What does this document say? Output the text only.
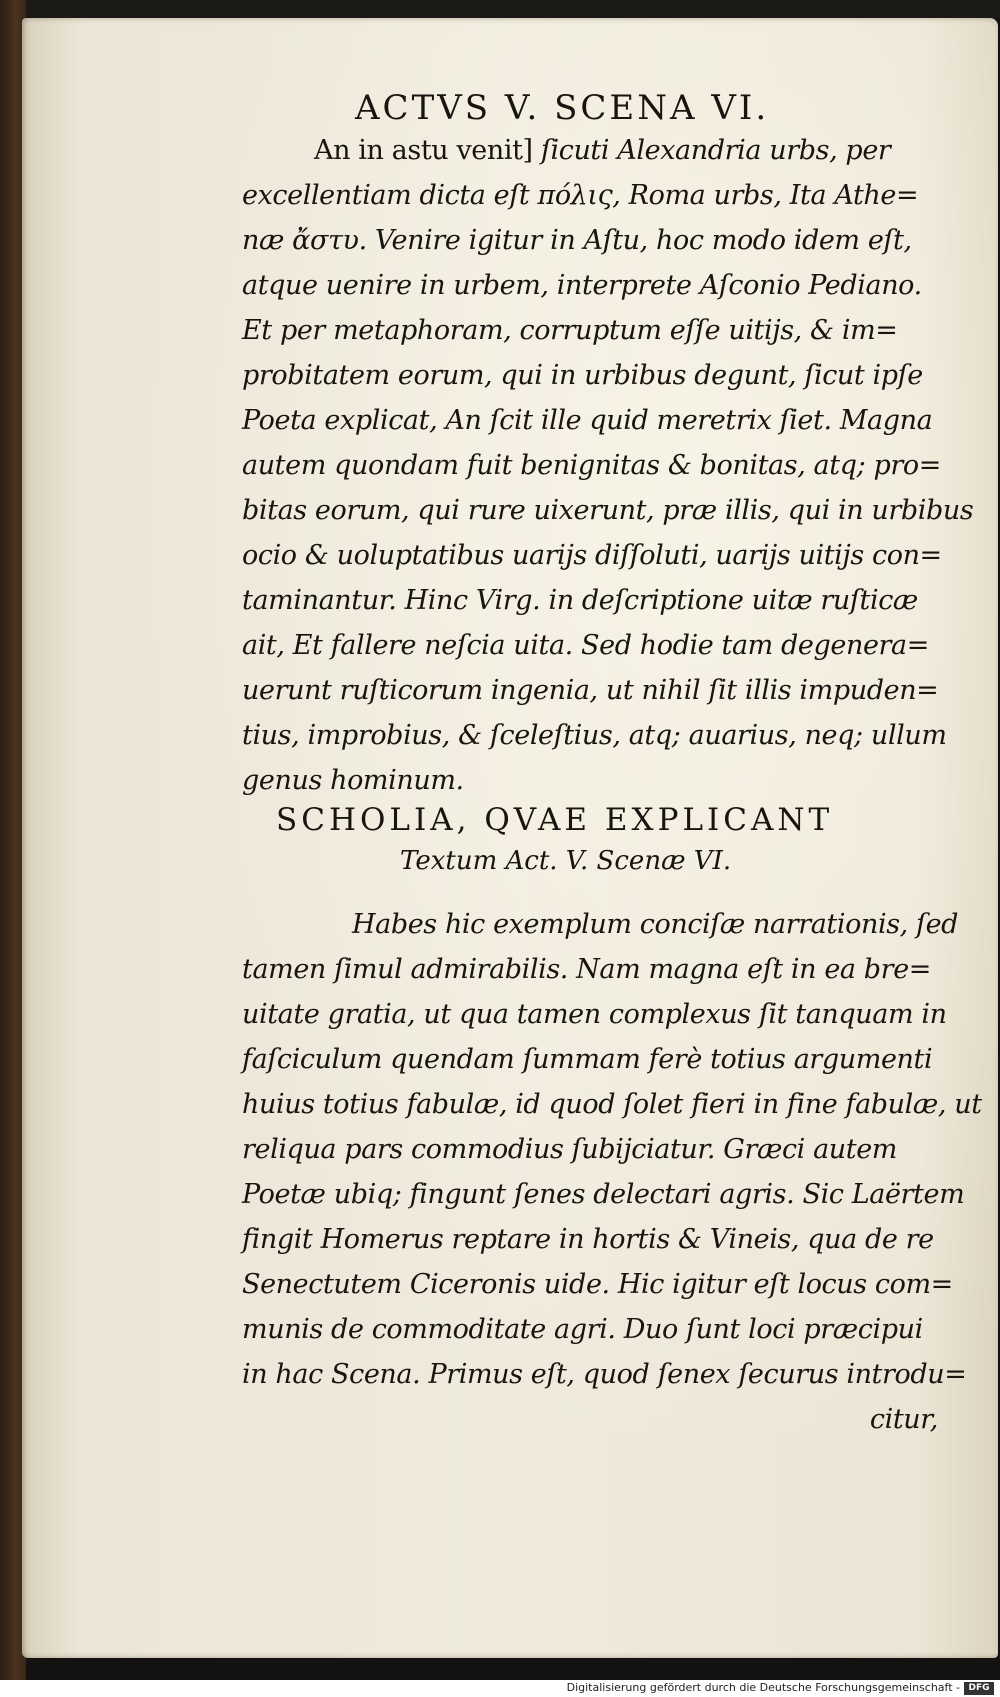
ACTVS V. SCENA VI.
An in astu venit] ſicuti Alexandria urbs, per
excellentiam dicta eſt πόλις, Roma urbs, Ita Athe=
næ ἄστυ. Venire igitur in Aſtu, hoc modo idem eſt,
atque uenire in urbem, interprete Aſconio Pediano.
Et per metaphoram, corruptum eſſe uitijs, & im=
probitatem eorum, qui in urbibus degunt, ſicut ipſe
Poeta explicat, An ſcit ille quid meretrix ſiet. Magna
autem quondam fuit benignitas & bonitas, atq; pro=
bitas eorum, qui rure uixerunt, præ illis, qui in urbibus
ocio & uoluptatibus uarijs diſſoluti, uarijs uitijs con=
taminantur. Hinc Virg. in deſcriptione uitæ ruſticæ
ait, Et fallere neſcia uita. Sed hodie tam degenera=
uerunt ruſticorum ingenia, ut nihil ſit illis impuden=
tius, improbius, & ſceleſtius, atq; auarius, neq; ullum
genus hominum.
SCHOLIA, QVAE EXPLICANT
Textum Act. V. Scenæ VI.
Habes hic exemplum conciſæ narrationis, ſed
tamen ſimul admirabilis. Nam magna eſt in ea bre=
uitate gratia, ut qua tamen complexus ſit tanquam in
faſciculum quendam ſummam ferè totius argumenti
huius totius fabulæ, id quod ſolet fieri in fine fabulæ, ut
reliqua pars commodius ſubijciatur. Græci autem
Poetæ ubiq; fingunt ſenes delectari agris. Sic Laërtem
fingit Homerus reptare in hortis & Vineis, qua de re
Senectutem Ciceronis uide. Hic igitur eſt locus com=
munis de commoditate agri. Duo ſunt loci præcipui
in hac Scena. Primus eſt, quod ſenex ſecurus introdu=
citur,
Digitalisierung gefördert durch die Deutsche Forschungsgemeinschaft - DFG
